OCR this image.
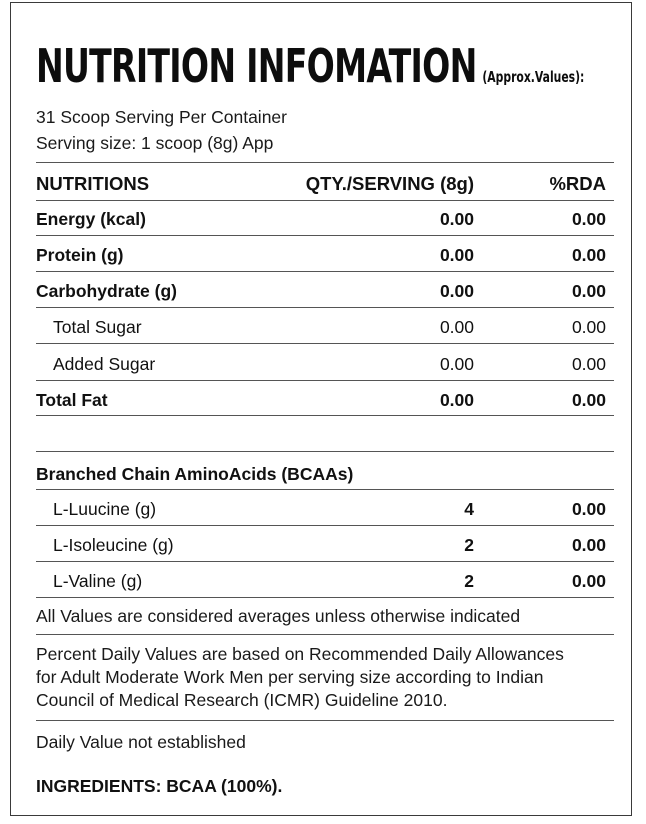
NUTRITION INFOMATION (Approx.Values):
31 Scoop Serving Per Container
Serving size: 1 scoop (8g) App
NUTRITIONS	QTY./SERVING (8g)	%RDA
Energy (kcal)	0.00	0.00
Protein (g)	0.00	0.00
Carbohydrate (g)	0.00	0.00
Total Sugar	0.00	0.00
Added Sugar	0.00	0.00
Total Fat	0.00	0.00
Branched Chain AminoAcids (BCAAs)
L-Luucine (g)	4	0.00
L-Isoleucine (g)	2	0.00
L-Valine (g)	2	0.00
All Values are considered averages unless otherwise indicated
Percent Daily Values are based on Recommended Daily Allowances
for Adult Moderate Work Men per serving size according to Indian
Council of Medical Research (ICMR) Guideline 2010.
Daily Value not established
INGREDIENTS: BCAA (100%).
